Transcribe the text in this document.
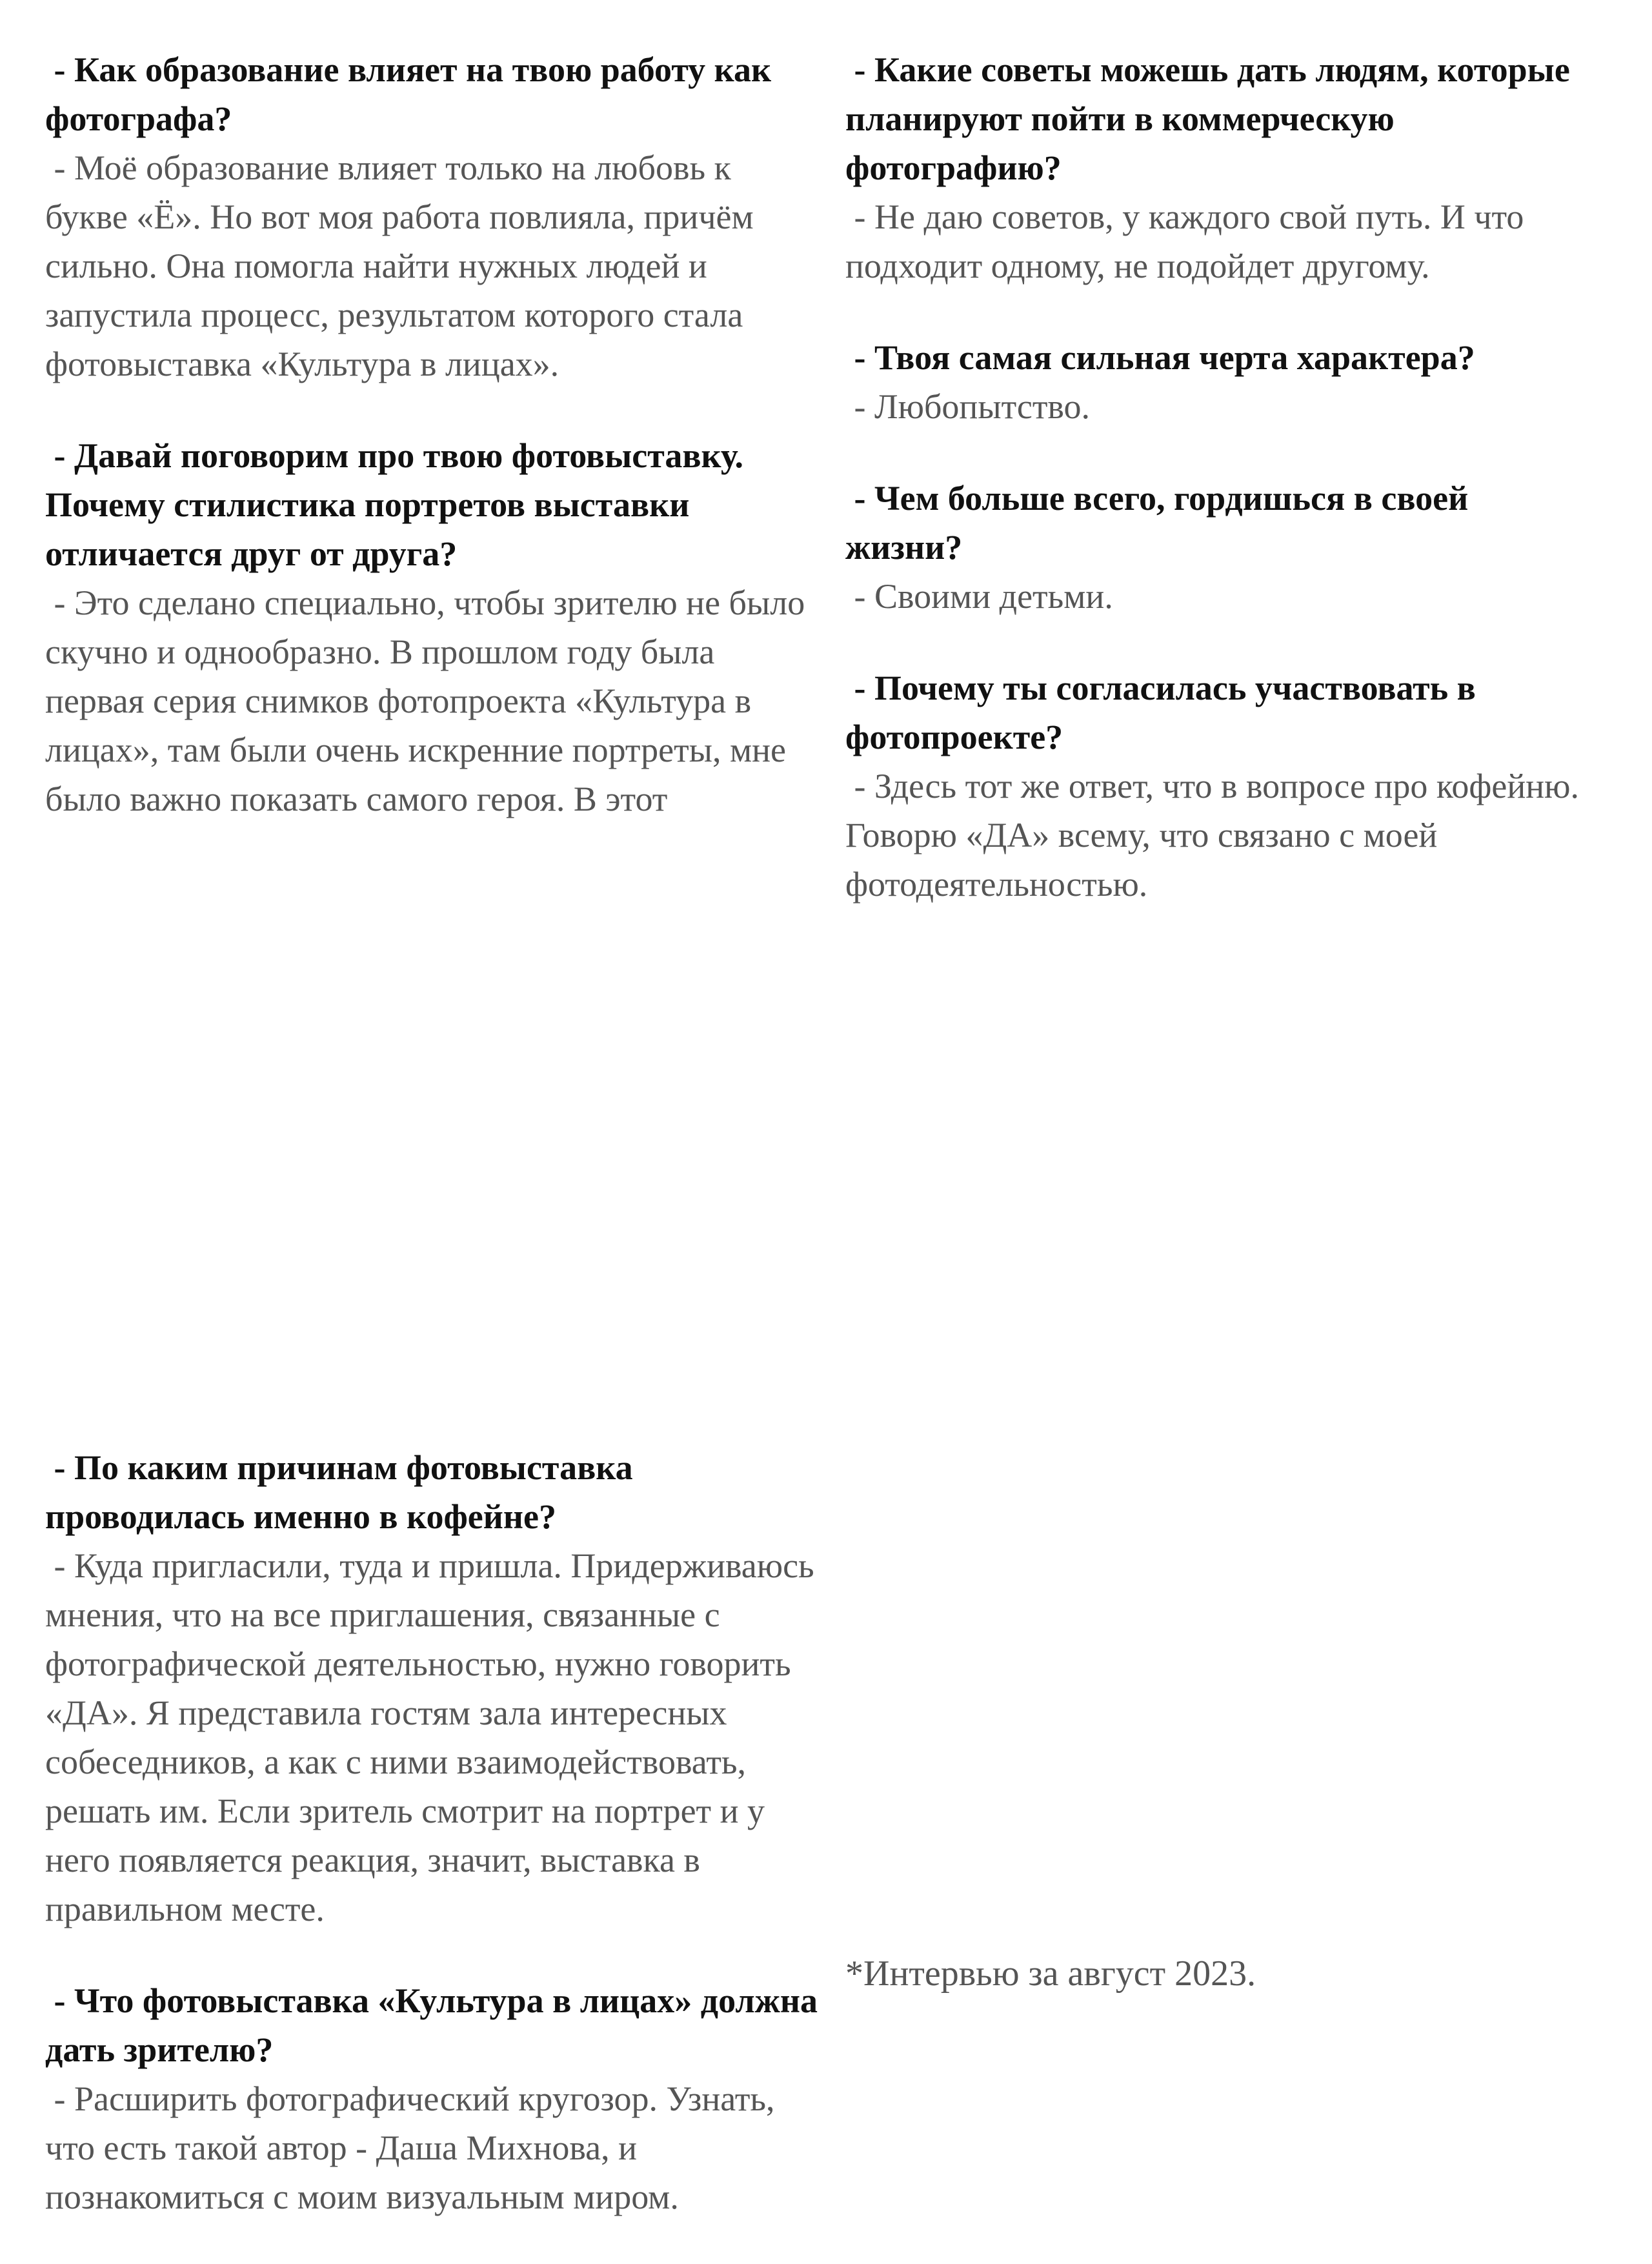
- Как образование влияет на твою работу как фотографа?

- Моё образование влияет только на любовь к букве «Ё». Но вот моя работа повлияла, причём сильно. Она помогла найти нужных людей и запустила процесс, результатом которого стала фотовыставка «Культура в лицах».

- Давай поговорим про твою фотовыставку. Почему стилистика портретов выставки отличается друг от друга?

- Это сделано специально, чтобы зрителю не было скучно и однообразно. В прошлом году была первая серия снимков фотопроекта «Культура в лицах», там были очень искренние портреты, мне было важно показать самого героя. В этот

- По каким причинам фотовыставка проводилась именно в кофейне?

- Куда пригласили, туда и пришла. Придерживаюсь мнения, что на все приглашения, связанные с фотографической деятельностью, нужно говорить «ДА». Я представила гостям зала интересных собеседников, а как с ними взаимодействовать, решать им. Если зритель смотрит на портрет и у него появляется реакция, значит, выставка в правильном месте.

- Что фотовыставка «Культура в лицах» должна дать зрителю?

- Расширить фотографический кругозор. Узнать, что есть такой автор - Даша Михнова, и познакомиться с моим визуальным миром.

- Какие советы можешь дать людям, которые планируют пойти в коммерческую фотографию?

- Не даю советов, у каждого свой путь. И что подходит одному, не подойдет другому.

- Твоя самая сильная черта характера?

- Любопытство.

- Чем больше всего, гордишься в своей жизни?

- Своими детьми.

- Почему ты согласилась участвовать в фотопроекте?

- Здесь тот же ответ, что в вопросе про кофейню. Говорю «ДА» всему, что связано с моей фотодеятельностью.

*Интервью за август 2023.
